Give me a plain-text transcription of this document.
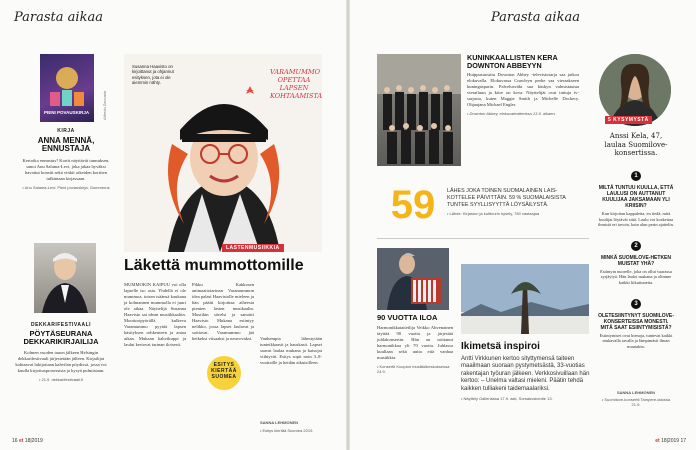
Parasta aikaa
PIENI POVAUSKIRJA	Alfredo Zaccaria
KIRJA
ANNA MENNÄ,
ENNUSTAJA
Kertoiko ennustus? Kortit näyttävät tunnuksen, sanoi Anu Salama-Levi, joka jakaa hyväksi havaitut konstit sekä vinkit oikeiden korttien tulkintaan kirjassaan.
• Anu Salama-Levi: Pieni povauskirja. Gummerus
DEKKARIFESTIVAALI
PÖYTÄSEURANA
DEKKARIKIRJAILIJA
Kolmen vuoden tauon jälkeen Helsingin dekkarifestivaali järjestetään jälleen. Kirjailijat kohtaavat lukijoitaan kahvilan pöydissä, jossa voi kuulla kirjoitusprosessista ja kysyä pulmistaan.
• 21.9. dekkarifestivaali.fi
Susanna Haavisto on kirjoittanut ja ohjannut esityksen, jota ei ole aiemmin nähty.
VARAMUMMO OPETTAA LAPSEN KOHTAAMISTA
LASTENMUSIIKKIA
Läkettä mummottomille
MUMMOKIN KAIPUU voi olla lapselle iso asia. Yhdellä ei ole mummoa, toisen isäänsä kaukana ja kolmannen mummolla ei juuri ole aikaa. Näyttelijä Susanna Haavisto sai idean musiikkaaliin. Moottoripyörällä kulkeva Varamummo pyytää lapsen käsityksen rohkeuteen ja antaa aikaa. Mukaan kahvikuppi ja laulut kertovat tarinan iloisesti.
Pikku Kakkosen animaatiotarinan Varamummon idea palasi Haavistolle mieleen ja hän päätti kirjoittaa aiheesta pienten lasten musikaalin. Musiikin sävelsi ja sanoitti Haavisto. Mukana esiintyy nelikko, jossa lapset laulavat ja soittavat. Varamummo jää hetkeksi viisaaksi ja neuvovaksi.	Vanhempia lähestytään tunteikkaasti ja hauskasti. Lapset saavat laulaa mukana ja katsojat viihtyvät. Esitys sopii noin 3–8-vuotiaille ja heidän aikuisilleen.
ESITYS
KIERTÄÄ
SUOMEA
SANNA LEHMONEN
• Esitys kiertää Suomea 2019.
16 et 18|2019
Parasta aikaa
KUNINKAALLISTEN KERA
DOWNTON ABBEYYN
Huippusuosittu Downton Abbey -televisiosarja saa jatkoa elokuvalla. Elokuvassa Crawleyn perhe saa vieraakseen kuningasparin. Palvelusväki saa käskyn valmistautua vierailuun ja kiire on kova. Näyttelijät ovat tuttuja tv-sarjasta, kuten Maggie Smith ja Michelle Dockery. Ohjaajana Michael Engler.
• Downton Abbey, elokuvateatterissa 13.9. alkaen.
5 KYSYMYSTÄ
Anssi Kela, 47,
laulaa Suomilove-
konsertissa.
1
MILTÄ TUNTUU KUULLA, ETTÄ LAULUSI ON AUTTANUT KUULIJAA JAKSAMAAN YLI KRIISIN?
Kun kirjoitan kappaletta, en tiedä, mitä kuulijat löytävät siitä. Laulu voi koskettaa ihmisiä eri tavoin, kuin alun perin ajattelin.
2
MINKÄ SUOMILOVE-HETKEN MUISTAT YHÄ?
Esiintyin nuorelle, joka on ollut vaarassa syrjäytyä. Hän lauloi mukana ja olimme kaikki liikuttuneita.
3
OLETESIINTYNYT SUOMILOVE-KONSERTEISSA MONESTI. MITÄ SAAT ESIINTYMISISTÄ?
Esiintymiset ovat hienoja, tuntevat kaikki mukavalla tavalla ja lämpimästi ilman muutakin.
59	LÄHES JOKA TOINEN SUOMALAINEN LAIS-
KOTTELEE PÄIVITTÄIN. 59 % SUOMALAISISTA
TUNTEE SYYLLISYYTTÄ LÖYSÄILYSTÄ.
• Lähde: Kirjaston ja kulttuurin kysely, 780 vastaajaa
90 VUOTTA ILOA
Harmonikkataiteilija Veikko Ahvenainen täyttää 90 vuotta ja järjestää juhlakonsertin. Hän on soittanut harmonikkaa yli 70 vuotta. Juhlassa kuullaan sekä uutta että vanhaa musiikkia.
• Konsertti Kuopion musiikkikeskuksessa 24.9.
Ikimetsä inspiroi
Antti Virkkunen kertoo sityttymensä taiteen maailmaan suoraan pystymetsästä, 33-vuotias rakentajan työuran jälkeen. Verkkosivuillaan hän kertoo: – Unelma valtasi mieleni. Päätin tehdä kaikken tulliakeni taidemaalariksi.
• Näyttely Galleriassa 17.9. asti, Sorsakoskentie 13.
SANNA LEHMONEN
• Suomilove-konsertti Tampere-talossa 21.9.
et 18|2019 17
